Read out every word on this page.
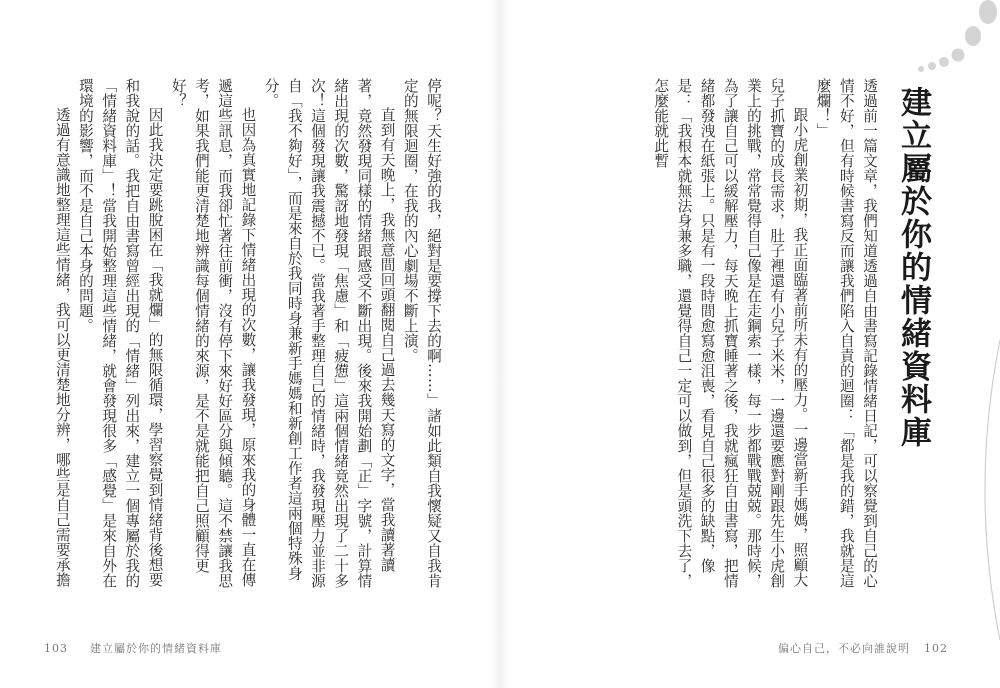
建立屬於你的情緒資料庫

透過前一篇文章，我們知道透過自由書寫記錄情緒日記，可以察覺到自己的心情不好，但有時候書寫反而讓我們陷入自責的迴圈：「都是我的錯，我就是這麼爛！」

跟小虎創業初期，我正面臨著前所未有的壓力。一邊當新手媽媽，照顧大兒子抓寶的成長需求，肚子裡還有小兒子米米，一邊還要應對剛跟先生小虎創業上的挑戰，常常覺得自己像是在走鋼索一樣，每一步都戰戰兢兢。那時候，為了讓自己可以緩解壓力，每天晚上抓寶睡著之後，我就瘋狂自由書寫，把情緒都發洩在紙張上。只是有一段時間愈寫愈沮喪，看見自己很多的缺點，像是：「我根本就無法身兼多職，還覺得自己一定可以做到，但是頭洗下去了，怎麼能就此暫

偏心自己，不必向誰說明 102

停呢？天生好強的我，絕對是要撐下去的啊……」諸如此類自我懷疑又自我肯定的無限迴圈，在我的內心劇場不斷上演。

直到有天晚上，我無意間回頭翻閱自己過去幾天寫的文字，當我讀著讀著，竟然發現同樣的情緒跟感受不斷出現。後來我開始劃「正」字號，計算情緒出現的次數，驚訝地發現「焦慮」和「疲憊」這兩個情緒竟然出現了二十多次！這個發現讓我震撼不已。當我著手整理自己的情緒時，我發現壓力並非源自「我不夠好」，而是來自於我同時身兼新手媽媽和新創工作者這兩個特殊身分。

也因為真實地記錄下情緒出現的次數，讓我發現，原來我的身體一直在傳遞這些訊息，而我卻忙著往前衝，沒有停下來好好區分與傾聽。這不禁讓我思考，如果我們能更清楚地辨識每個情緒的來源，是不是就能把自己照顧得更好？

因此我決定要跳脫困在「我就爛」的無限循環，學習察覺到情緒背後想要和我說的話。我把自由書寫曾經出現的「情緒」列出來，建立一個專屬於我的「情緒資料庫」！當我開始整理這些情緒，就會發現很多「感覺」是來自外在環境的影響，而不是自己本身的問題。

透過有意識地整理這些情緒，我可以更清楚地分辨，哪些是自己需要承擔

103 建立屬於你的情緒資料庫
